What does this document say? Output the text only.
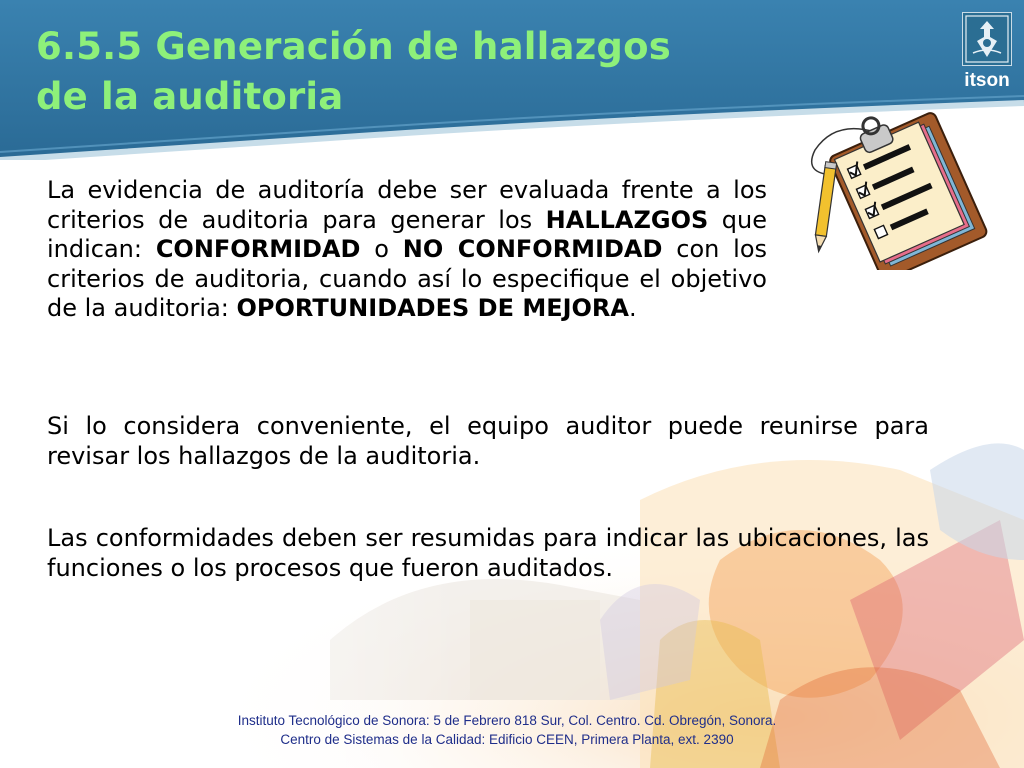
6.5.5 Generación de hallazgos
de la auditoria	itson

La evidencia de auditoría debe ser evaluada frente a los criterios de auditoria para generar los HALLAZGOS que indican: CONFORMIDAD o NO CONFORMIDAD con los criterios de auditoria, cuando así lo especifique el objetivo de la auditoria: OPORTUNIDADES DE MEJORA.

Si lo considera conveniente, el equipo auditor puede reunirse para revisar los hallazgos de la auditoria.

Las conformidades deben ser resumidas para indicar las ubicaciones, las funciones o los procesos que fueron auditados.

Instituto Tecnológico de Sonora: 5 de Febrero 818 Sur, Col. Centro. Cd. Obregón, Sonora.
Centro de Sistemas de la Calidad: Edificio CEEN, Primera Planta, ext. 2390
